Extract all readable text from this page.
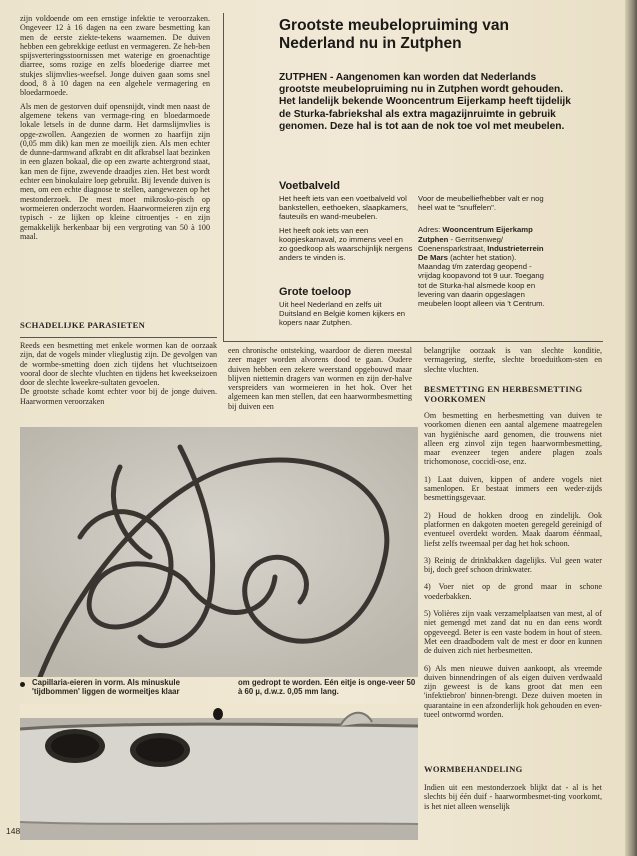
zijn voldoende om een ernstige infektie te veroorzaken. Ongeveer 12 à 16 dagen na een zware besmetting kan men de eerste ziekte-tekens waarnemen. De duiven hebben een gebrekkige eetlust en vermageren. Ze heb-ben spijsverteringsstoornissen met waterige en groenachtige diarree, soms rozige en zelfs bloederige diarree met stukjes slijmvlies-weefsel. Jonge duiven gaan soms snel dood, 8 à 10 dagen na een algehele vermagering en bloedarmoede.

Als men de gestorven duif opensnijdt, vindt men naast de algemene tekens van vermage-ring en bloedarmoede lokale letsels in de dunne darm. Het darmslijmvlies is opge-zwollen. Aangezien de wormen zo haarfijn zijn (0,05 mm dik) kan men ze moeilijk zien. Als men echter de dunne-darmwand afkrabt en dit afkrabsel laat bezinken in een glazen bokaal, die op een zwarte achtergrond staat, kan men de fijne, zwevende draadjes zien. Het best wordt echter een binokulaire loep gebruikt. Bij levende duiven is men, om een echte diagnose te stellen, aangewezen op het mestonderzoek. De mest moet mikrosko-pisch op wormeieren onderzocht worden. Haarwormeieren zijn erg typisch - ze lijken op kleine citroentjes - en zijn gemakkelijk herkenbaar bij een vergroting van 50 à 100 maal.

SCHADELIJKE PARASIETEN
Reeds een besmetting met enkele wormen kan de oorzaak zijn, dat de vogels minder vlieglustig zijn. De gevolgen van de wormbe-smetting doen zich tijdens het vluchtseizoen vooral door de slechte vluchten en tijdens het kweekseizoen door de slechte kweekre-sultaten gevoelen.
De grootste schade komt echter voor bij de jonge duiven. Haarwormen veroorzaken
een chronische ontsteking, waardoor de dieren meestal zeer mager worden alvorens dood te gaan. Oudere duiven hebben een zekere weerstand opgebouwd maar blijven niettemin dragers van wormen en zijn der-halve verspreiders van wormeieren in het hok. Over het algemeen kan men stellen, dat een haarwormbesmetting bij duiven een
Grootste meubelopruiming van Nederland nu in Zutphen

ZUTPHEN - Aangenomen kan worden dat Nederlands grootste meubelopruiming nu in Zutphen wordt gehouden. Het landelijk bekende Wooncentrum Eijerkamp heeft tijdelijk de Sturka-fabriekshal als extra magazijnruimte in gebruik genomen. Deze hal is tot aan de nok toe vol met meubelen.

Voetbalveld

Het heeft iets van een voetbalveld vol bankstellen, eethoeken, slaapkamers, fauteuils en wand-meubelen.

Het heeft ook iets van een koopjeskarnaval, zo immens veel en zo goedkoop als waarschijnlijk nergens anders te vinden is.

Grote toeloop
Uit heel Nederland en zelfs uit Duitsland en België komen kijkers en kopers naar Zutphen.

Voor de meubelliefhebber valt er nog heel wat te "snuffelen".

Adres: Wooncentrum Eijerkamp Zutphen - Gerritsenweg/ Coenensparkstraat, Industrieterrein De Mars (achter het station). Maandag t/m zaterdag geopend - vrijdag koopavond tot 9 uur. Toegang tot de Sturka-hal alsmede koop en levering van daarin opgeslagen meubelen loopt alleen via 't Centrum.

belangrijke oorzaak is van slechte konditie, vermagering, sterfte, slechte broeduitkom-sten en slechte vluchten.
BESMETTING EN HERBESMETTING VOORKOMEN

Om besmetting en herbesmetting van duiven te voorkomen dienen een aantal algemene maatregelen van hygiënische aard genomen, die trouwens niet alleen erg zinvol zijn tegen haarwormbesmetting, maar evenzeer tegen andere plagen zoals trichomonose, coccidi-ose, enz.

1) Laat duiven, kippen of andere vogels niet samenlopen. Er bestaat immers een weder-zijds besmettingsgevaar.

2) Houd de hokken droog en zindelijk. Ook platformen en dakgoten moeten geregeld gereinigd of eventueel overdekt worden. Maak daarom éénmaal, liefst zelfs tweemaal per dag het hok schoon.

3) Reinig de drinkbakken dagelijks. Vul geen water bij, doch geef schoon drinkwater.

4) Voer niet op de grond maar in schone voederbakken.

5) Volières zijn vaak verzamelplaatsen van mest, al of niet gemengd met zand dat nu en dan eens wordt opgeveegd. Beter is een vaste bodem in hout of steen. Met een draadbodem valt de mest er door en kunnen de duiven zich niet herbesmetten.

6) Als men nieuwe duiven aankoopt, als vreemde duiven binnendringen of als eigen duiven verdwaald zijn geweest is de kans groot dat men een 'infektiebron' binnen-brengt. Deze duiven moeten in quarantaine in een afzonderlijk hok gehouden en even-tueel ontwormd worden.

WORMBEHANDELING
Indien uit een mestonderzoek blijkt dat - al is het slechts bij één duif - haarwormbesmet-ting voorkomt, is het niet alleen wenselijk

Capillaria-eieren in vorm. Als minuskule 'tijdbommen' liggen de wormeitjes klaar

om gedropt te worden. Eén eitje is onge-veer 50 à 60 µ, d.w.z. 0,05 mm lang.

148
